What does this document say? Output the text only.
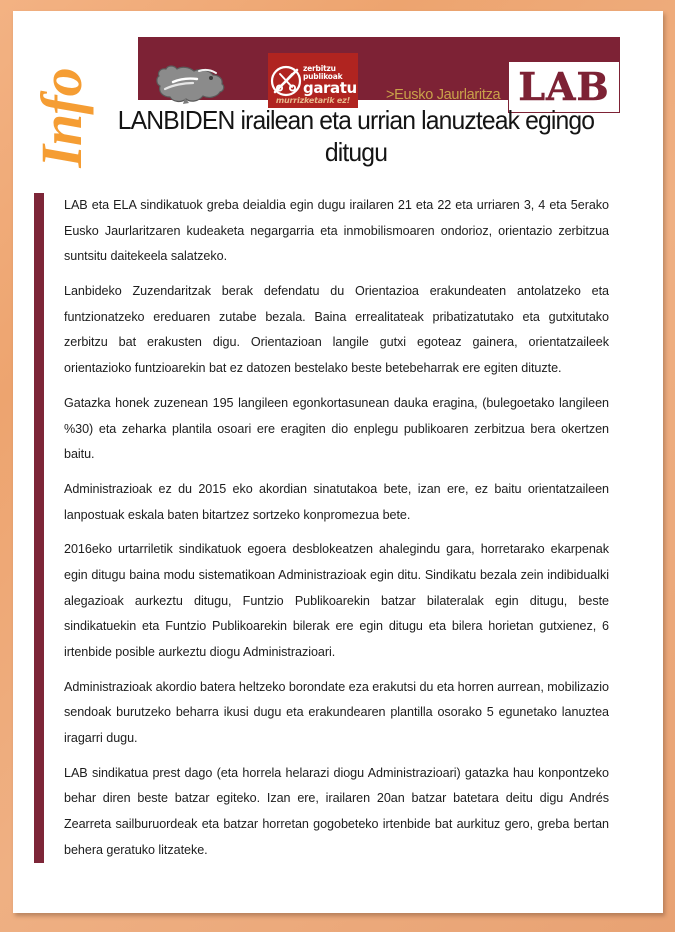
Info	zerbitzu
publikoak
garatu
murrizketarik ez!	>Eusko Jaurlaritza LAB
LANBIDEN irailean eta urrian lanuzteak egingo ditugu

LAB eta ELA sindikatuok greba deialdia egin dugu irailaren 21 eta 22 eta urriaren 3, 4 eta 5erako Eusko Jaurlaritzaren kudeaketa negargarria eta inmobilismoaren ondorioz, orientazio zerbitzua suntsitu daitekeela salatzeko.

Lanbideko Zuzendaritzak berak defendatu du Orientazioa erakundeaten antolatzeko eta funtzionatzeko ereduaren zutabe bezala. Baina errealitateak pribatizatutako eta gutxitutako zerbitzu bat erakusten digu. Orientazioan langile gutxi egoteaz gainera, orientatzaileek orientazioko funtzioarekin bat ez datozen bestelako beste betebeharrak ere egiten dituzte.

Gatazka honek zuzenean 195 langileen egonkortasunean dauka eragina, (bulegoetako langileen %30) eta zeharka plantila osoari ere eragiten dio enplegu publikoaren zerbitzua bera okertzen baitu.

Administrazioak ez du 2015 eko akordian sinatutakoa bete, izan ere, ez baitu orientatzaileen lanpostuak eskala baten bitartzez sortzeko konpromezua bete.

2016eko urtarriletik sindikatuok egoera desblokeatzen ahalegindu gara, horretarako ekarpenak egin ditugu baina modu sistematikoan Administrazioak egin ditu. Sindikatu bezala zein indibidualki alegazioak aurkeztu ditugu, Funtzio Publikoarekin batzar bilateralak egin ditugu, beste sindikatuekin eta Funtzio Publikoarekin bilerak ere egin ditugu eta bilera horietan gutxienez, 6 irtenbide posible aurkeztu diogu Administrazioari.

Administrazioak akordio batera heltzeko borondate eza erakutsi du eta horren aurrean, mobilizazio sendoak burutzeko beharra ikusi dugu eta erakundearen plantilla osorako 5 egunetako lanuztea iragarri dugu.

LAB sindikatua prest dago (eta horrela helarazi diogu Administrazioari) gatazka hau konpontzeko behar diren beste batzar egiteko. Izan ere, irailaren 20an batzar batetara deitu digu Andrés Zearreta sailburuordeak eta batzar horretan gogobeteko irtenbide bat aurkituz gero, greba bertan behera geratuko litzateke.
